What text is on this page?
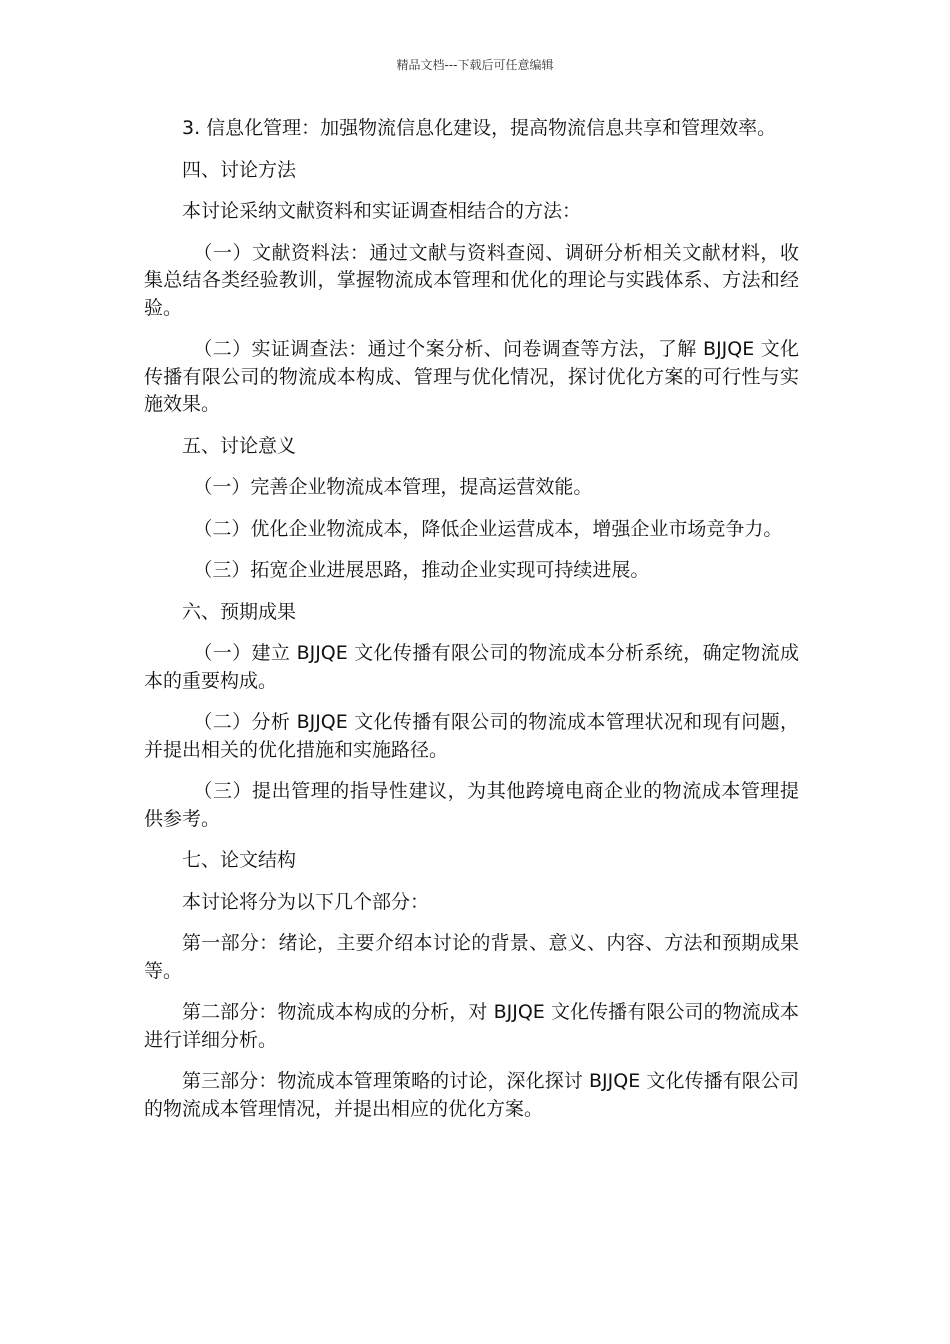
精品文档---下载后可任意编辑

3. 信息化管理：加强物流信息化建设，提高物流信息共享和管理效率。

四、讨论方法

本讨论采纳文献资料和实证调查相结合的方法：

（一）文献资料法：通过文献与资料查阅、调研分析相关文献材料，收集总结各类经验教训，掌握物流成本管理和优化的理论与实践体系、方法和经验。

（二）实证调查法：通过个案分析、问卷调查等方法，了解 BJJQE 文化传播有限公司的物流成本构成、管理与优化情况，探讨优化方案的可行性与实施效果。

五、讨论意义

（一）完善企业物流成本管理，提高运营效能。

（二）优化企业物流成本，降低企业运营成本，增强企业市场竞争力。

（三）拓宽企业进展思路，推动企业实现可持续进展。

六、预期成果

（一）建立 BJJQE 文化传播有限公司的物流成本分析系统，确定物流成本的重要构成。

（二）分析 BJJQE 文化传播有限公司的物流成本管理状况和现有问题，并提出相关的优化措施和实施路径。

（三）提出管理的指导性建议，为其他跨境电商企业的物流成本管理提供参考。

七、论文结构

本讨论将分为以下几个部分：

第一部分：绪论，主要介绍本讨论的背景、意义、内容、方法和预期成果等。

第二部分：物流成本构成的分析，对 BJJQE 文化传播有限公司的物流成本进行详细分析。

第三部分：物流成本管理策略的讨论，深化探讨 BJJQE 文化传播有限公司的物流成本管理情况，并提出相应的优化方案。
